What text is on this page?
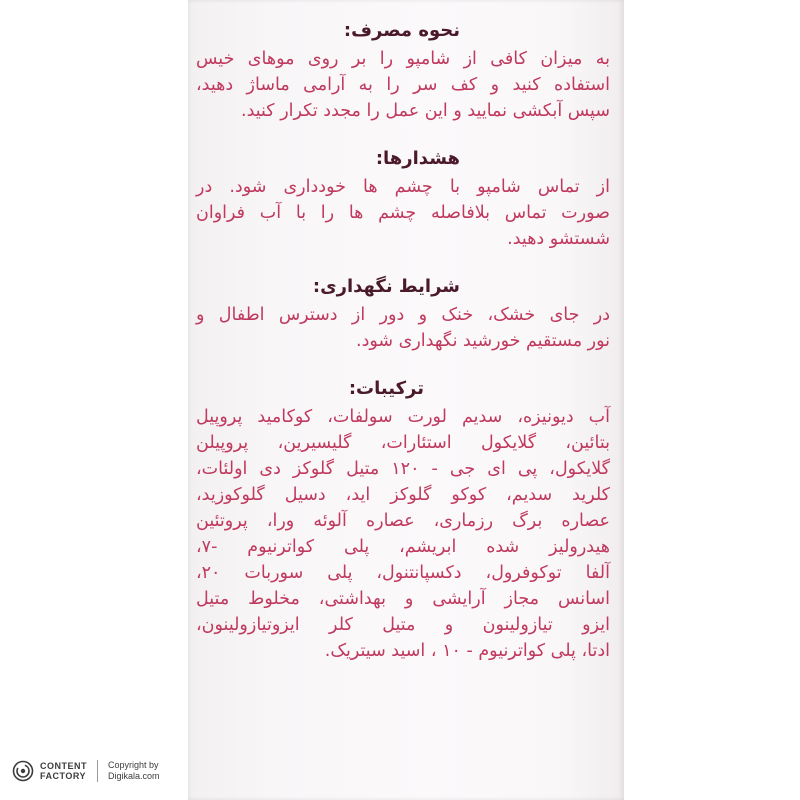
نحوه مصرف:
به میزان کافی از شامپو را بر روی موهای خیس
استفاده کنید و کف سر را به آرامی ماساژ دهید،
سپس آبکشی نمایید و این عمل را مجدد تکرار کنید.
هشدارها:
از تماس شامپو با چشم ها خودداری شود. در
صورت تماس بلافاصله چشم ها را با آب فراوان
شستشو دهید.
شرایط نگهداری:
در جای خشک، خنک و دور از دسترس اطفال و
نور مستقیم خورشید نگهداری شود.
ترکیبات:
آب دیونیزه، سدیم لورت سولفات، کوکامید پروپیل
بتائین، گلایکول استئارات، گلیسیرین، پروپیلن
گلایکول، پی ای جی - ۱۲۰ متیل گلوکز دی اولئات،
کلرید سدیم، کوکو گلوکز اید، دسیل گلوکوزید،
عصاره برگ رزماری، عصاره آلوئه ورا، پروتئین
هیدرولیز شده ابریشم، پلی کواترنیوم -۷،
آلفا توکوفرول، دکسپانتنول، پلی سوربات ۲۰،
اسانس مجاز آرایشی و بهداشتی، مخلوط متیل
ایزو تیازولینون و متیل کلر ایزوتیازولینون،
ادتا، پلی کواترنیوم - ۱۰ ، اسید سیتریک.
CONTENT
FACTORY
Copyright by
Digikala.com
